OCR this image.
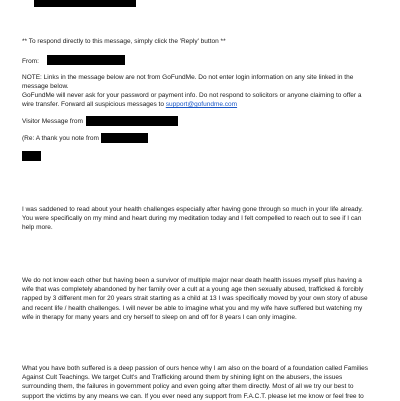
** To respond directly to this message, simply click the 'Reply' button **
From:
NOTE: Links in the message below are not from GoFundMe. Do not enter login information on any site linked in the
message below.
GoFundMe will never ask for your password or payment info. Do not respond to solicitors or anyone claiming to offer a
wire transfer. Forward all suspicious messages to support@gofundme.com
Visitor Message from
(Re: A thank you note from
I was saddened to read about your health challenges especially after having gone through so much in your life already.
You were specifically on my mind and heart during my meditation today and I felt compelled to reach out to see if I can
help more.
We do not know each other but having been a survivor of multiple major near death health issues myself plus having a
wife that was completely abandoned by her family over a cult at a young age then sexually abused, trafficked & forcibly
rapped by 3 different men for 20 years strait starting as a child at 13 I was specifically moved by your own story of abuse
and recent life / health challenges. I will never be able to imagine what you and my wife have suffered but watching my
wife in therapy for many years and cry herself to sleep on and off for 8 years I can only imagine.
What you have both suffered is a deep passion of ours hence why I am also on the board of a foundation called Families
Against Cult Teachings. We target Cult's and Trafficking around them by shining light on the abusers, the issues
surrounding them, the failures in government policy and even going after them directly. Most of all we try our best to
support the victims by any means we can. If you ever need any support from F.A.C.T. please let me know or feel free to
